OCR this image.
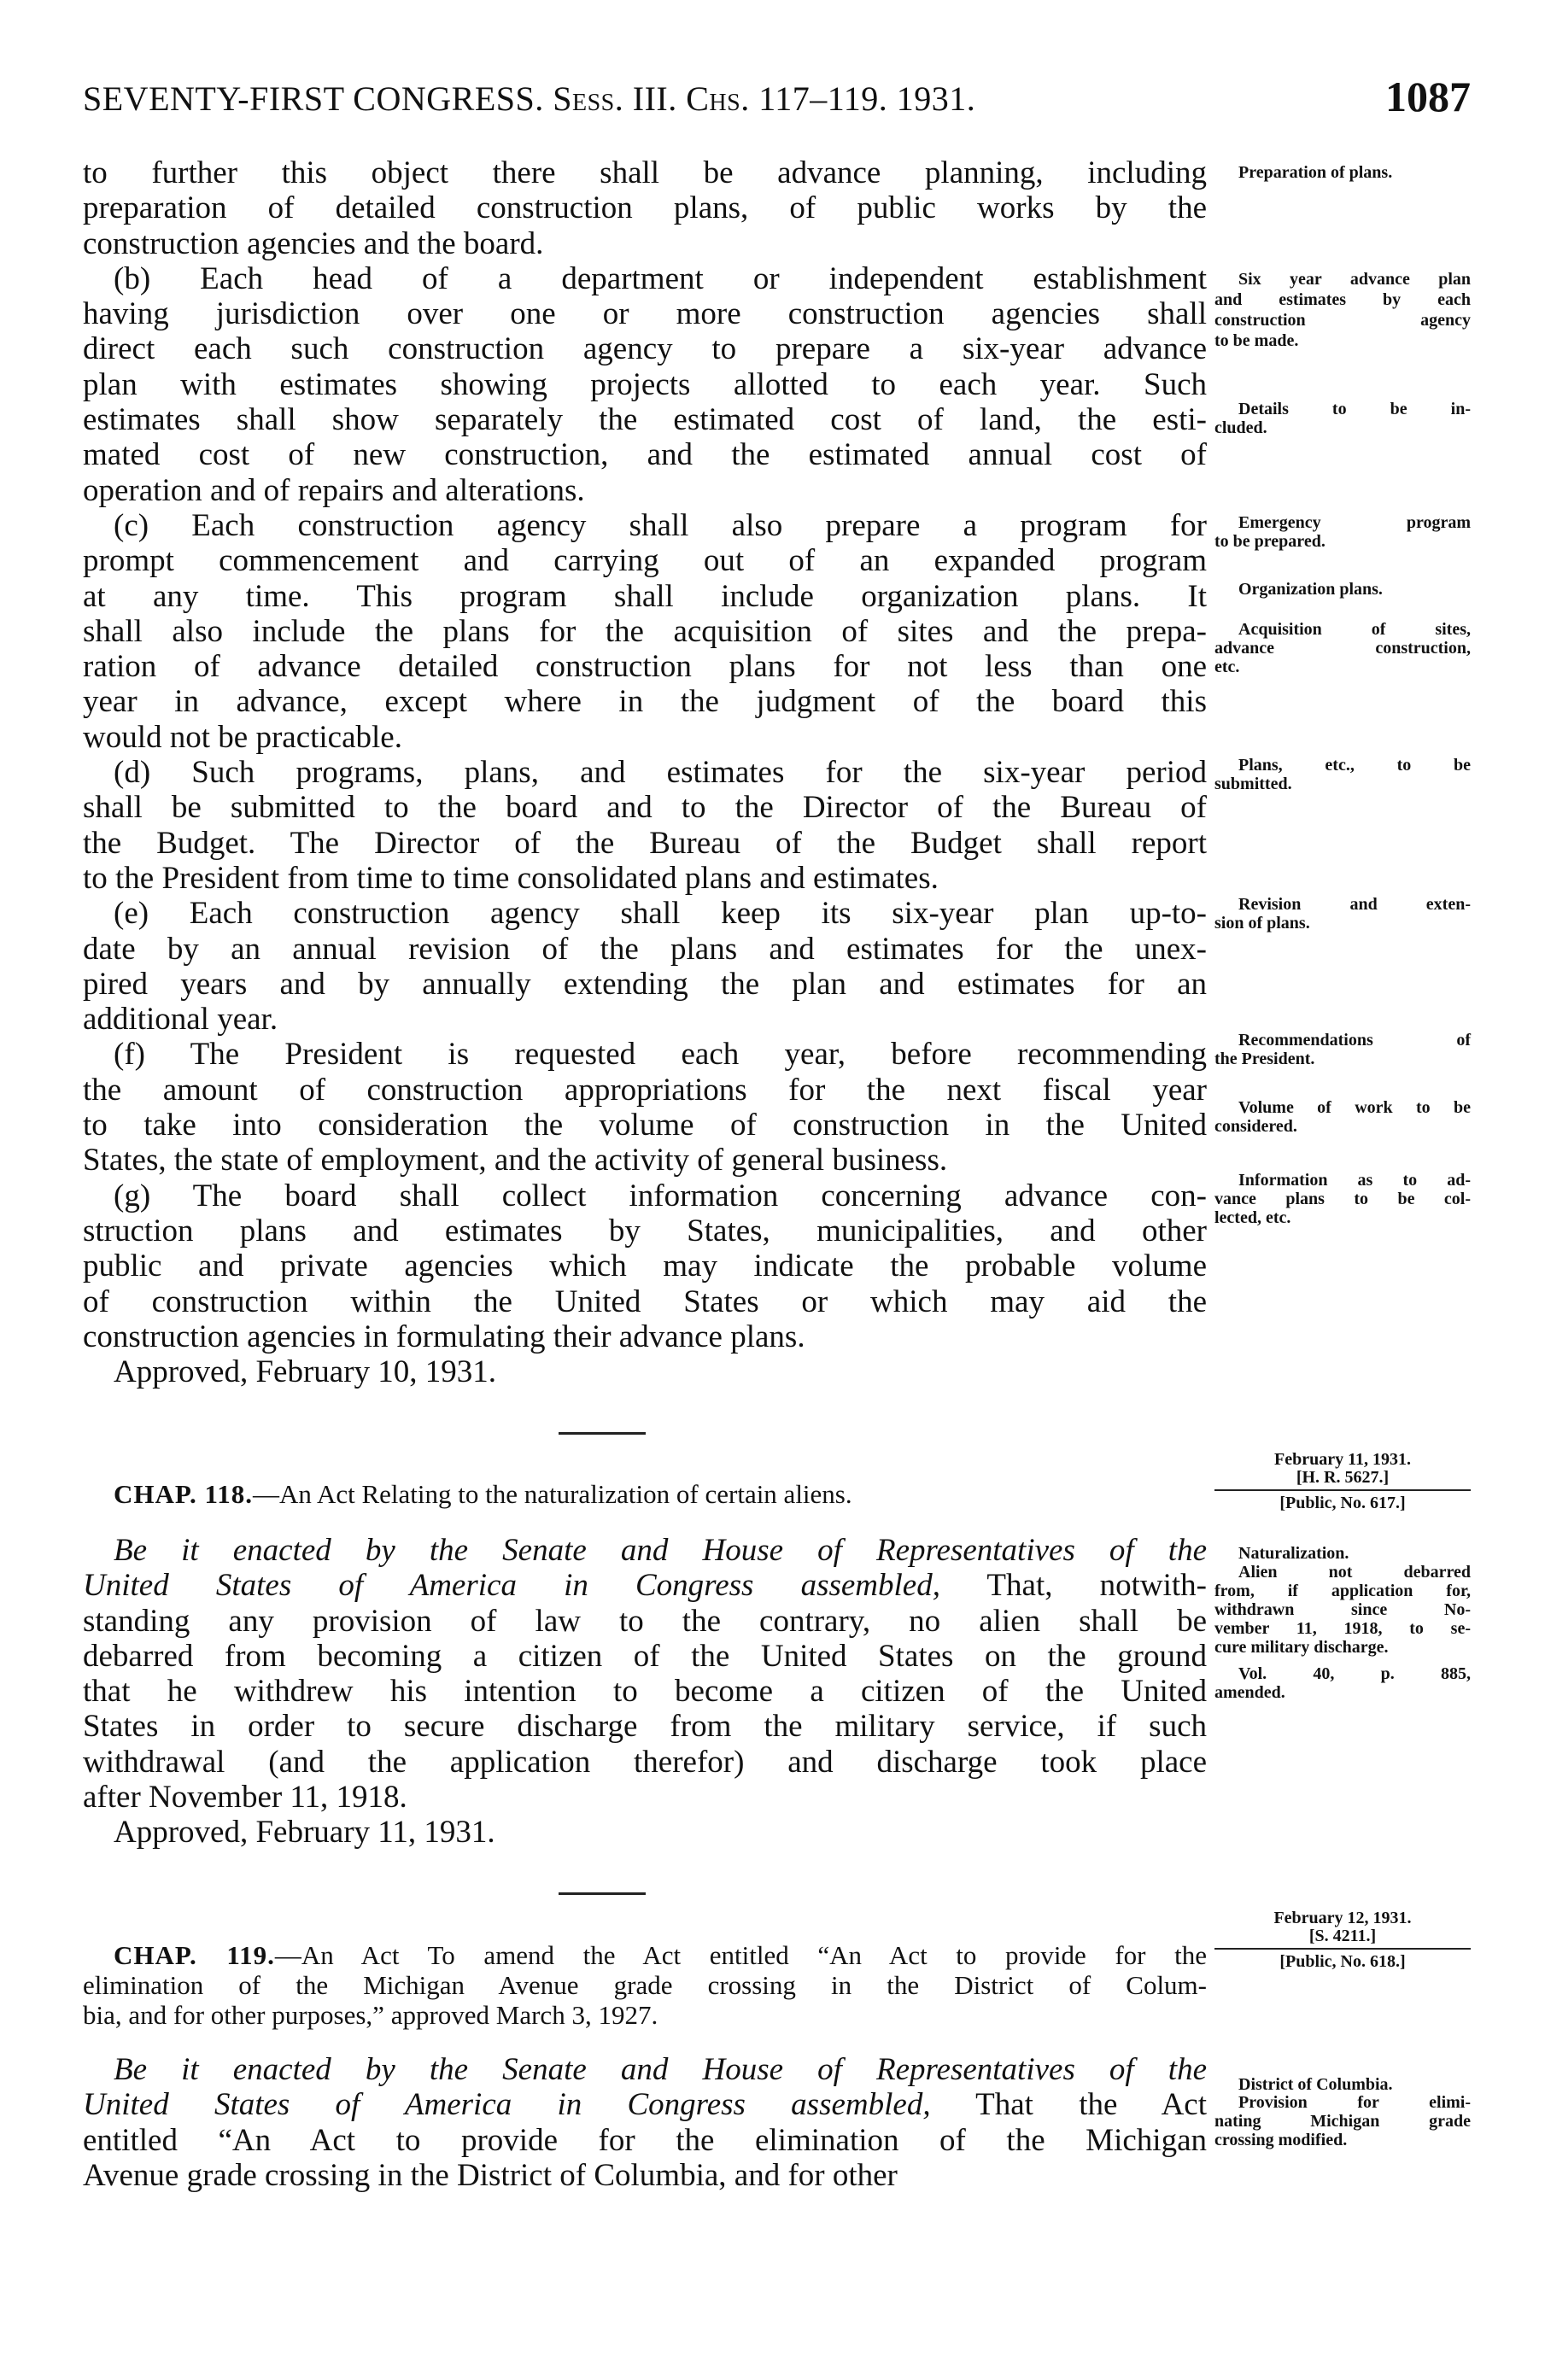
SEVENTY-FIRST CONGRESS. Sess. III. Chs. 117–119. 1931.	1087
to further this object there shall be advance planning, including
preparation of detailed construction plans, of public works by the
construction agencies and the board.
(b) Each head of a department or independent establishment
having jurisdiction over one or more construction agencies shall
direct each such construction agency to prepare a six-year advance
plan with estimates showing projects allotted to each year. Such
estimates shall show separately the estimated cost of land, the esti-
mated cost of new construction, and the estimated annual cost of
operation and of repairs and alterations.
(c) Each construction agency shall also prepare a program for
prompt commencement and carrying out of an expanded program
at any time. This program shall include organization plans. It
shall also include the plans for the acquisition of sites and the prepa-
ration of advance detailed construction plans for not less than one
year in advance, except where in the judgment of the board this
would not be practicable.
(d) Such programs, plans, and estimates for the six-year period
shall be submitted to the board and to the Director of the Bureau of
the Budget. The Director of the Bureau of the Budget shall report
to the President from time to time consolidated plans and estimates.
(e) Each construction agency shall keep its six-year plan up-to-
date by an annual revision of the plans and estimates for the unex-
pired years and by annually extending the plan and estimates for an
additional year.
(f) The President is requested each year, before recommending
the amount of construction appropriations for the next fiscal year
to take into consideration the volume of construction in the United
States, the state of employment, and the activity of general business.
(g) The board shall collect information concerning advance con-
struction plans and estimates by States, municipalities, and other
public and private agencies which may indicate the probable volume
of construction within the United States or which may aid the
construction agencies in formulating their advance plans.
Approved, February 10, 1931.
CHAP. 118.—An Act Relating to the naturalization of certain aliens.
Be it enacted by the Senate and House of Representatives of the
United States of America in Congress assembled, That, notwith-
standing any provision of law to the contrary, no alien shall be
debarred from becoming a citizen of the United States on the ground
that he withdrew his intention to become a citizen of the United
States in order to secure discharge from the military service, if such
withdrawal (and the application therefor) and discharge took place
after November 11, 1918.
Approved, February 11, 1931.
CHAP. 119.—An Act To amend the Act entitled “An Act to provide for the
elimination of the Michigan Avenue grade crossing in the District of Colum-
bia, and for other purposes,” approved March 3, 1927.
Be it enacted by the Senate and House of Representatives of the
United States of America in Congress assembled, That the Act
entitled “An Act to provide for the elimination of the Michigan
Avenue grade crossing in the District of Columbia, and for other
February 11, 1931.
[H. R. 5627.]
[Public, No. 617.]
February 12, 1931.
[S. 4211.]
[Public, No. 618.]
Preparation of plans.
Six year advance plan
and estimates by each
construction agency
to be made.
Details to be in-
cluded.
Emergency program
to be prepared.
Organization plans.
Acquisition of sites,
advance construction,
etc.
Plans, etc., to be
submitted.
Revision and exten-
sion of plans.
Recommendations of
the President.
Volume of work to be
considered.
Information as to ad-
vance plans to be col-
lected, etc.
Naturalization.
Alien not debarred
from, if application for,
withdrawn since No-
vember 11, 1918, to se-
cure military discharge.
Vol. 40, p. 885,
amended.
District of Columbia.
Provision for elimi-
nating Michigan grade
crossing modified.
